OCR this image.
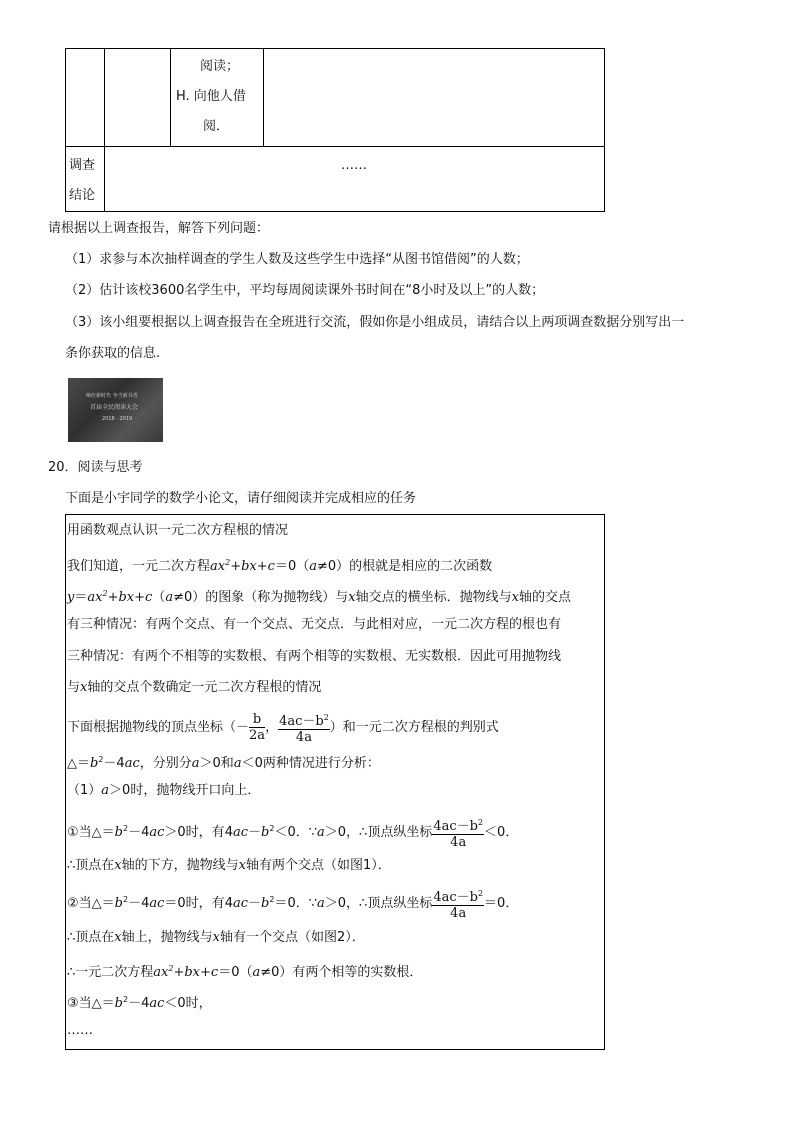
阅读；
H. 向他人借
阅．
调查
结论
……
请根据以上调查报告，解答下列问题：
（1）求参与本次抽样调查的学生人数及这些学生中选择“从图书馆借阅”的人数；
（2）估计该校3600名学生中，平均每周阅读课外书时间在“8小时及以上”的人数；
（3）该小组要根据以上调查报告在全班进行交流，假如你是小组成员，请结合以上两项调查数据分别写出一
条你获取的信息.
响应新时代 争当新书香
首届全民阅读大会
2018 · 2019
20．阅读与思考
下面是小宇同学的数学小论文，请仔细阅读并完成相应的任务
用函数观点认识一元二次方程根的情况
我们知道，一元二次方程$ax^2+bx+c=0(a\ne 0)$的根就是相应的二次函数
$y=ax^2+bx+c(a\ne 0)$的图象（称为抛物线）与x轴交点的横坐标．抛物线与x轴的交点
有三种情况：有两个交点、有一个交点、无交点．与此相对应，一元二次方程的根也有
三种情况：有两个不相等的实数根、有两个相等的实数根、无实数根．因此可用抛物线
与x轴的交点个数确定一元二次方程根的情况
下面根据抛物线的顶点坐标（－ $\frac{b}{2a}$ ， $\frac{4ac-b^2}{4a}$ ）和一元二次方程根的判别式
$\triangle=b^2-4ac$，分别分a＞0和a＜0两种情况进行分析：
（1）a＞0时，抛物线开口向上．
①当$\triangle=b^2-4ac>0$时，有$4ac-b^2<0$．∵a＞0，∴顶点纵坐标 $\frac{4ac-b^2}{4a} <0$．
∴顶点在x轴的下方，抛物线与x轴有两个交点（如图1）．
②当$\triangle=b^2-4ac=0$时，有$4ac-b^2=0$．∵a＞0，∴顶点纵坐标 $\frac{4ac-b^2}{4a} =0$．
∴顶点在x轴上，抛物线与x轴有一个交点（如图2）．
∴一元二次方程$ax^2+bx+c=0(a\ne 0)$有两个相等的实数根．
③当$\triangle=b^2-4ac<0$时，
……
